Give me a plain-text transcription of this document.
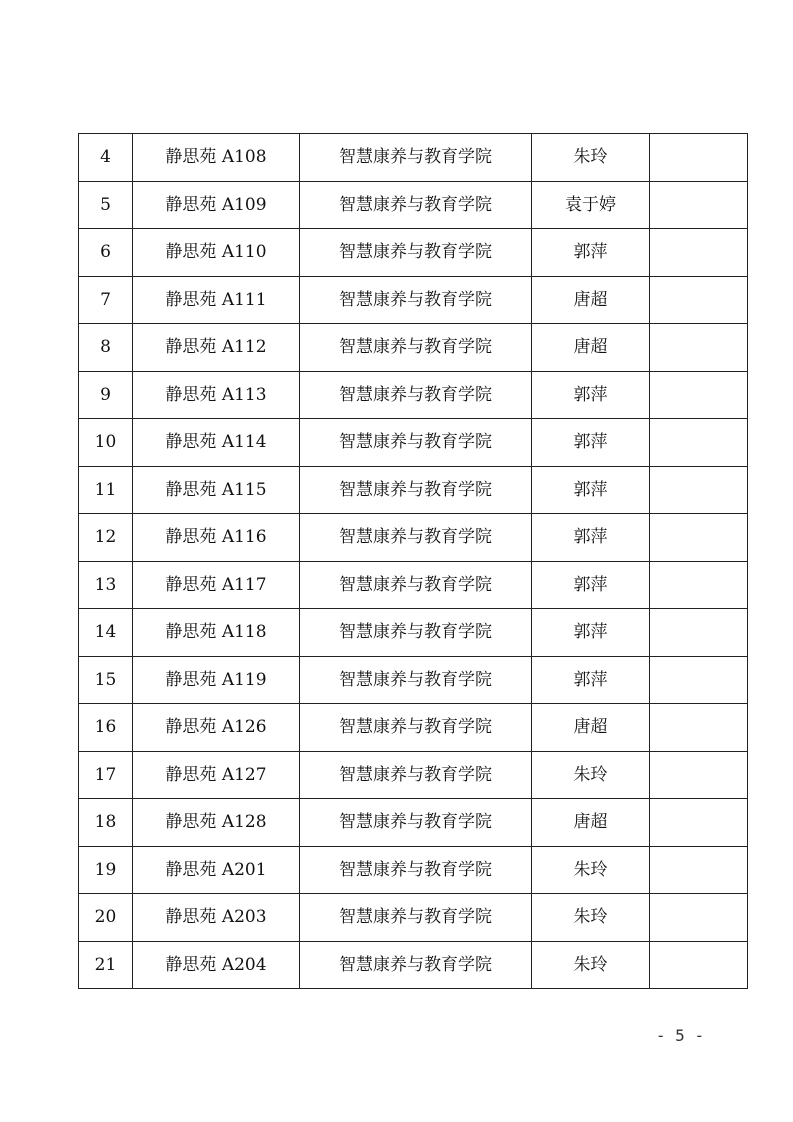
4	静思苑 A108	智慧康养与教育学院	朱玲	
5	静思苑 A109	智慧康养与教育学院	袁于婷	
6	静思苑 A110	智慧康养与教育学院	郭萍	
7	静思苑 A111	智慧康养与教育学院	唐超	
8	静思苑 A112	智慧康养与教育学院	唐超	
9	静思苑 A113	智慧康养与教育学院	郭萍	
10	静思苑 A114	智慧康养与教育学院	郭萍	
11	静思苑 A115	智慧康养与教育学院	郭萍	
12	静思苑 A116	智慧康养与教育学院	郭萍	
13	静思苑 A117	智慧康养与教育学院	郭萍	
14	静思苑 A118	智慧康养与教育学院	郭萍	
15	静思苑 A119	智慧康养与教育学院	郭萍	
16	静思苑 A126	智慧康养与教育学院	唐超	
17	静思苑 A127	智慧康养与教育学院	朱玲	
18	静思苑 A128	智慧康养与教育学院	唐超	
19	静思苑 A201	智慧康养与教育学院	朱玲	
20	静思苑 A203	智慧康养与教育学院	朱玲	
21	静思苑 A204	智慧康养与教育学院	朱玲	
- 5 -
